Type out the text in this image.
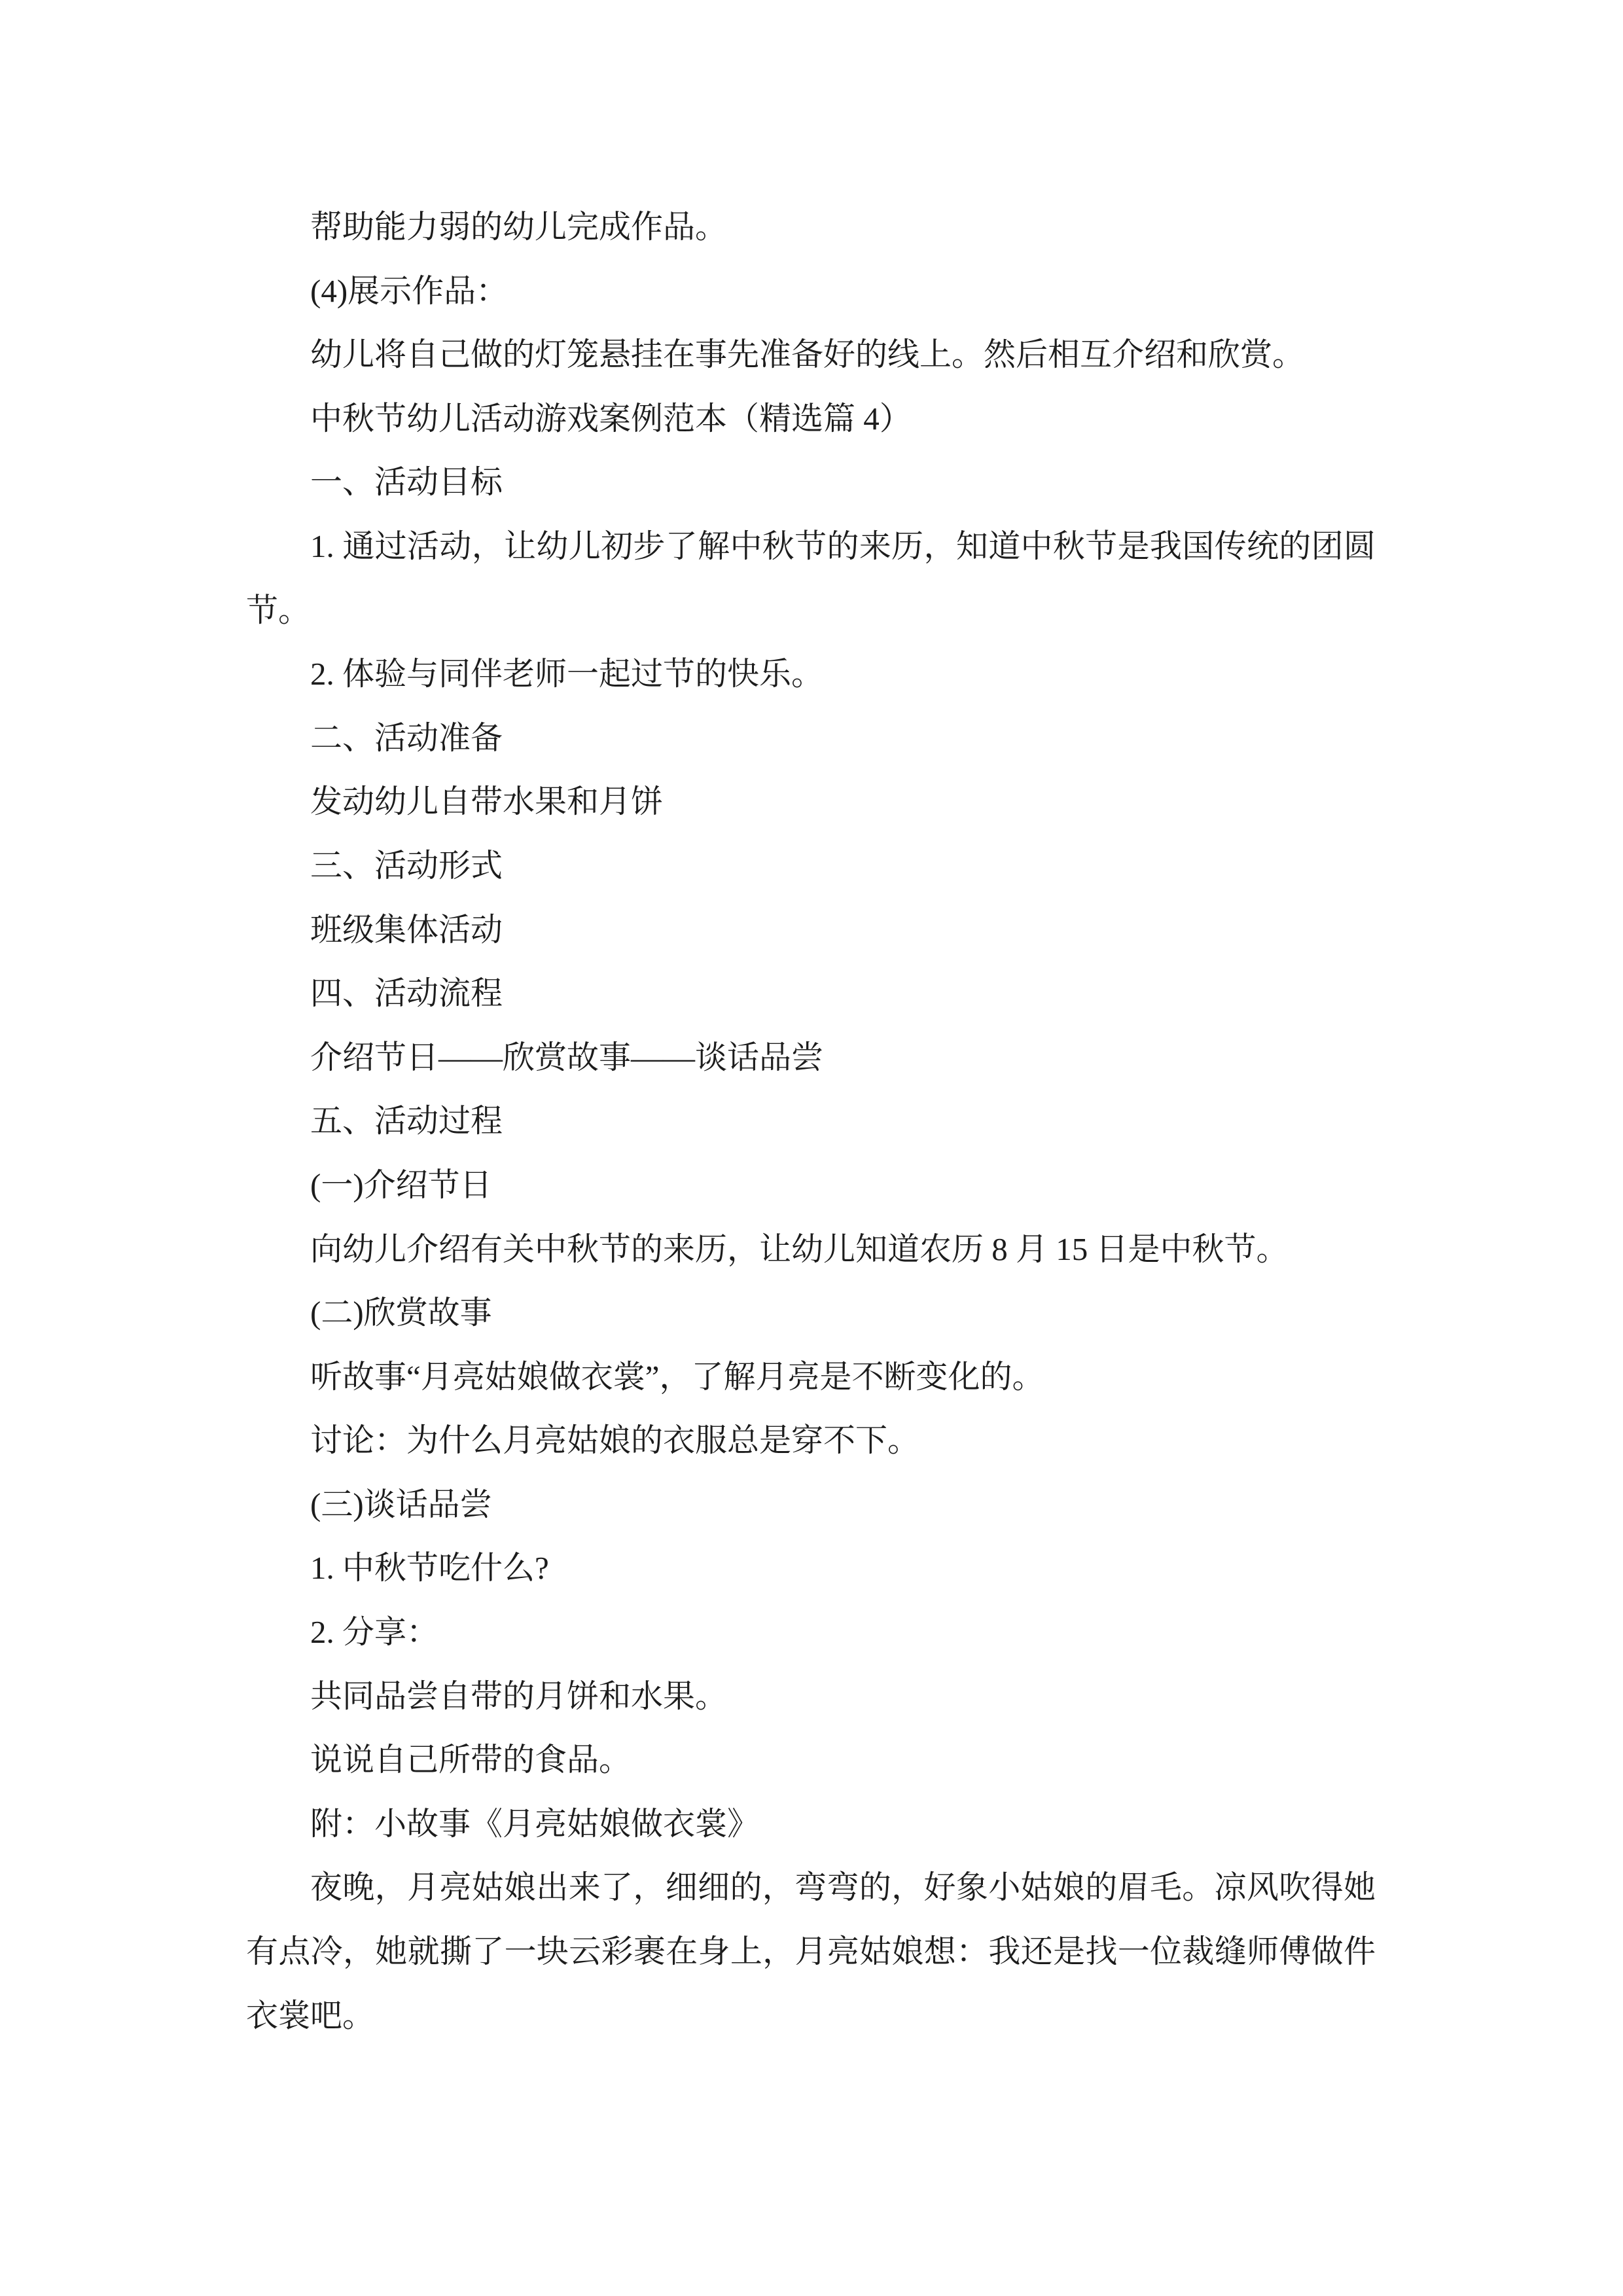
帮助能力弱的幼儿完成作品。
(4)展示作品：
幼儿将自己做的灯笼悬挂在事先准备好的线上。然后相互介绍和欣赏。
中秋节幼儿活动游戏案例范本（精选篇 4）
一、活动目标
1. 通过活动，让幼儿初步了解中秋节的来历，知道中秋节是我国传统的团圆
节。
2. 体验与同伴老师一起过节的快乐。
二、活动准备
发动幼儿自带水果和月饼
三、活动形式
班级集体活动
四、活动流程
介绍节日——欣赏故事——谈话品尝
五、活动过程
(一)介绍节日
向幼儿介绍有关中秋节的来历，让幼儿知道农历 8 月 15 日是中秋节。
(二)欣赏故事
听故事“月亮姑娘做衣裳”，了解月亮是不断变化的。
讨论：为什么月亮姑娘的衣服总是穿不下。
(三)谈话品尝
1. 中秋节吃什么?
2. 分享：
共同品尝自带的月饼和水果。
说说自己所带的食品。
附：小故事《月亮姑娘做衣裳》
夜晚，月亮姑娘出来了，细细的，弯弯的，好象小姑娘的眉毛。凉风吹得她
有点冷，她就撕了一块云彩裹在身上，月亮姑娘想：我还是找一位裁缝师傅做件
衣裳吧。
